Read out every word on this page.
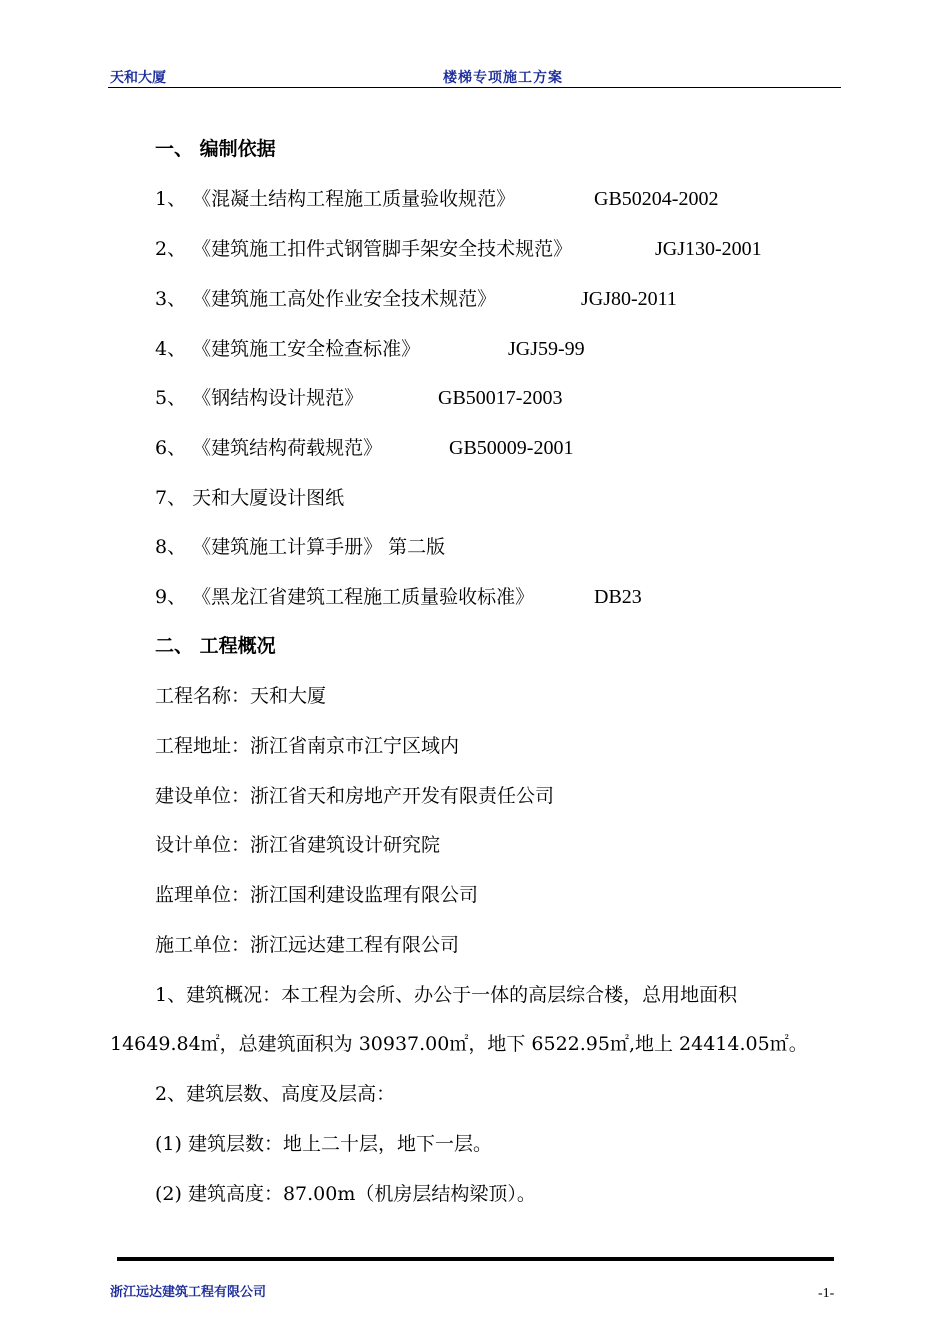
天和大厦	楼梯专项施工方案
一、 编制依据
1、 《混凝土结构工程施工质量验收规范》	GB50204-2002
2、 《建筑施工扣件式钢管脚手架安全技术规范》	JGJ130-2001
3、 《建筑施工高处作业安全技术规范》	JGJ80-2011
4、 《建筑施工安全检查标准》	JGJ59-99
5、 《钢结构设计规范》	GB50017-2003
6、 《建筑结构荷载规范》	GB50009-2001
7、 天和大厦设计图纸
8、 《建筑施工计算手册》 第二版
9、 《黑龙江省建筑工程施工质量验收标准》	DB23
二、 工程概况
工程名称：天和大厦
工程地址：浙江省南京市江宁区域内
建设单位：浙江省天和房地产开发有限责任公司
设计单位：浙江省建筑设计研究院
监理单位：浙江国利建设监理有限公司
施工单位：浙江远达建工程有限公司
1、建筑概况：本工程为会所、办公于一体的高层综合楼，总用地面积
14649.84㎡，总建筑面积为 30937.00㎡，地下 6522.95㎡,地上 24414.05㎡。
2、建筑层数、高度及层高：
(1) 建筑层数：地上二十层，地下一层。
(2) 建筑高度：87.00m（机房层结构梁顶）。
浙江远达建筑工程有限公司	-1-
